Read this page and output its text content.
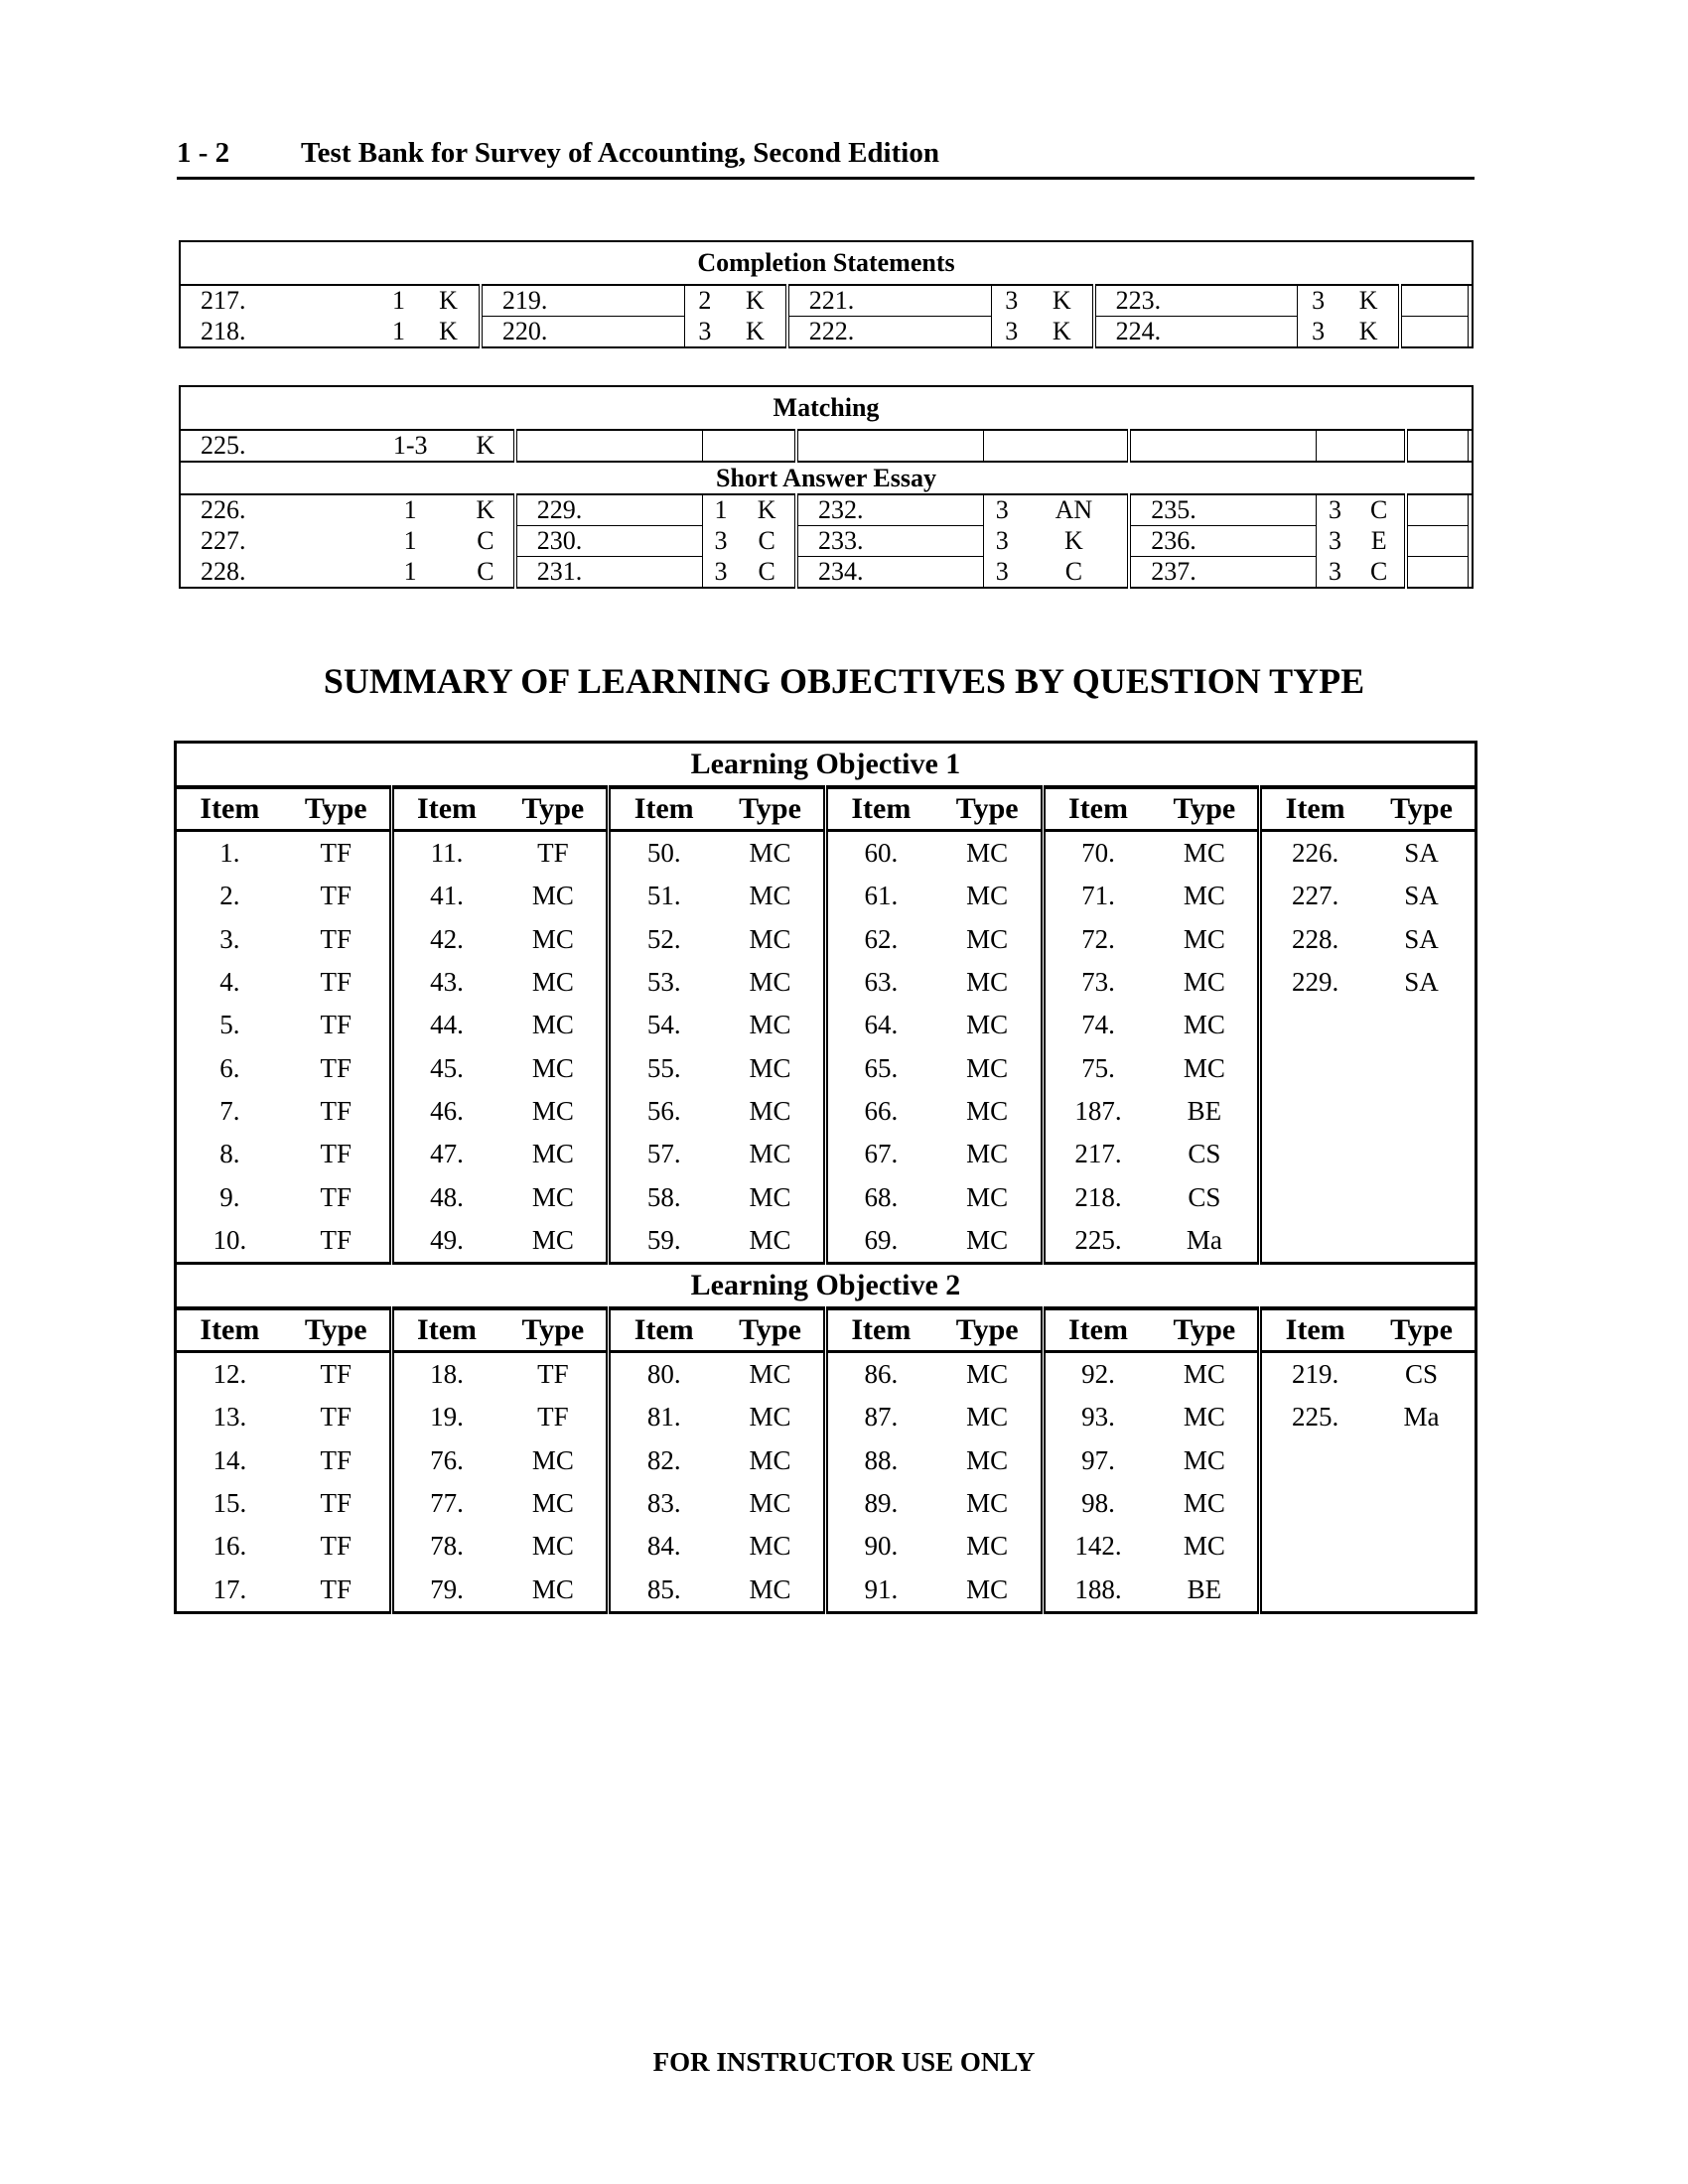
1 - 2 Test Bank for Survey of Accounting, Second Edition
Completion Statements														
217.	1	K	219.	2	K	221.	3	K	223.	3	K			
218.	1	K	220.	3	K	222.	3	K	224.	3	K			
Matching													
225.	1-3	K												
Short Answer Essay													
226.	1	K	229.	1	K	232.	3	AN	235.	3	C			
227.	1	C	230.	3	C	233.	3	K	236.	3	E			
228.	1	C	231.	3	C	234.	3	C	237.	3	C			
SUMMARY OF LEARNING OBJECTIVES BY QUESTION TYPE
Learning Objective 1											
Item	Type	Item	Type	Item	Type	Item	Type	Item	Type	Item	Type
1.	TF	11.	TF	50.	MC	60.	MC	70.	MC	226.	SA
2.	TF	41.	MC	51.	MC	61.	MC	71.	MC	227.	SA
3.	TF	42.	MC	52.	MC	62.	MC	72.	MC	228.	SA
4.	TF	43.	MC	53.	MC	63.	MC	73.	MC	229.	SA
5.	TF	44.	MC	54.	MC	64.	MC	74.	MC		
6.	TF	45.	MC	55.	MC	65.	MC	75.	MC		
7.	TF	46.	MC	56.	MC	66.	MC	187.	BE		
8.	TF	47.	MC	57.	MC	67.	MC	217.	CS		
9.	TF	48.	MC	58.	MC	68.	MC	218.	CS		
10.	TF	49.	MC	59.	MC	69.	MC	225.	Ma		
Learning Objective 2											
Item	Type	Item	Type	Item	Type	Item	Type	Item	Type	Item	Type
12.	TF	18.	TF	80.	MC	86.	MC	92.	MC	219.	CS
13.	TF	19.	TF	81.	MC	87.	MC	93.	MC	225.	Ma
14.	TF	76.	MC	82.	MC	88.	MC	97.	MC		
15.	TF	77.	MC	83.	MC	89.	MC	98.	MC		
16.	TF	78.	MC	84.	MC	90.	MC	142.	MC		
17.	TF	79.	MC	85.	MC	91.	MC	188.	BE		
FOR INSTRUCTOR USE ONLY
